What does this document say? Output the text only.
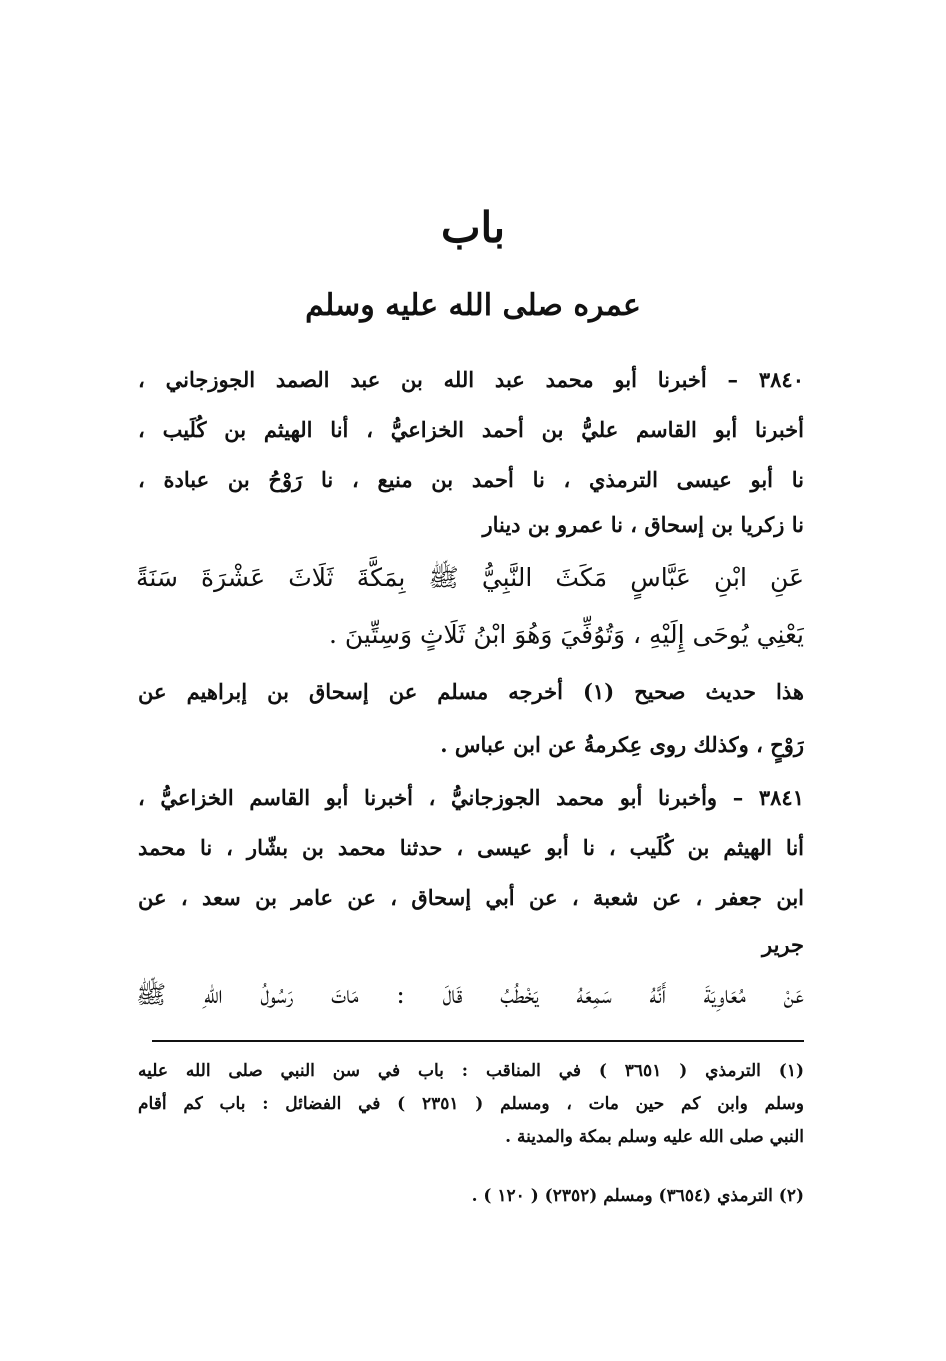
باب
عمره صلى الله عليه وسلم
٣٨٤٠ – أخبرنا أبو محمد عبد الله بن عبد الصمد الجوزجاني ،
أخبرنا أبو القاسم عليُّ بن أحمد الخزاعيُّ ، أنا الهيثم بن كُلَيب ،
نا أبو عيسى الترمذي ، نا أحمد بن منيع ، نا رَوْحُ بن عبادة ،
نا زكريا بن إسحاق ، نا عمرو بن دينار
عَنِ ابْنِ عَبَّاسٍ مَكَثَ النَّبِيُّ ﷺ بِمَكَّةَ ثَلَاثَ عَشْرَةَ سَنَةً
يَعْنِي يُوحَى إِلَيْهِ ، وَتُوُفِّيَ وَهُوَ ابْنُ ثَلَاثٍ وَسِتِّينَ .
هذا حديث صحيح (١) أخرجه مسلم عن إسحاق بن إبراهيم عن
رَوْحٍ ، وكذلك روى عِكرمةُ عن ابن عباس .
٣٨٤١ – وأخبرنا أبو محمد الجوزجانيُّ ، أخبرنا أبو القاسم الخزاعيُّ ،
أنا الهيثم بن كُلَيب ، نا أبو عيسى ، حدثنا محمد بن بشّار ، نا محمد
ابن جعفر ، عن شعبة ، عن أبي إسحاق ، عن عامر بن سعد ، عن
جرير
عَنْ مُعَاوِيَةَ أَنَّهُ سَمِعَهُ يَخْطُبُ قَالَ : مَاتَ رَسُولُ اللهِ ﷺ
(١) الترمذي ( ٣٦٥١ ) في المناقب : باب في سن النبي صلى الله عليه
وسلم وابن كم حين مات ، ومسلم ( ٢٣٥١ ) في الفضائل : باب كم أقام
النبي صلى الله عليه وسلم بمكة والمدينة .
(٢) الترمذي (٣٦٥٤) ومسلم (٢٣٥٢) ( ١٢٠ ) .
